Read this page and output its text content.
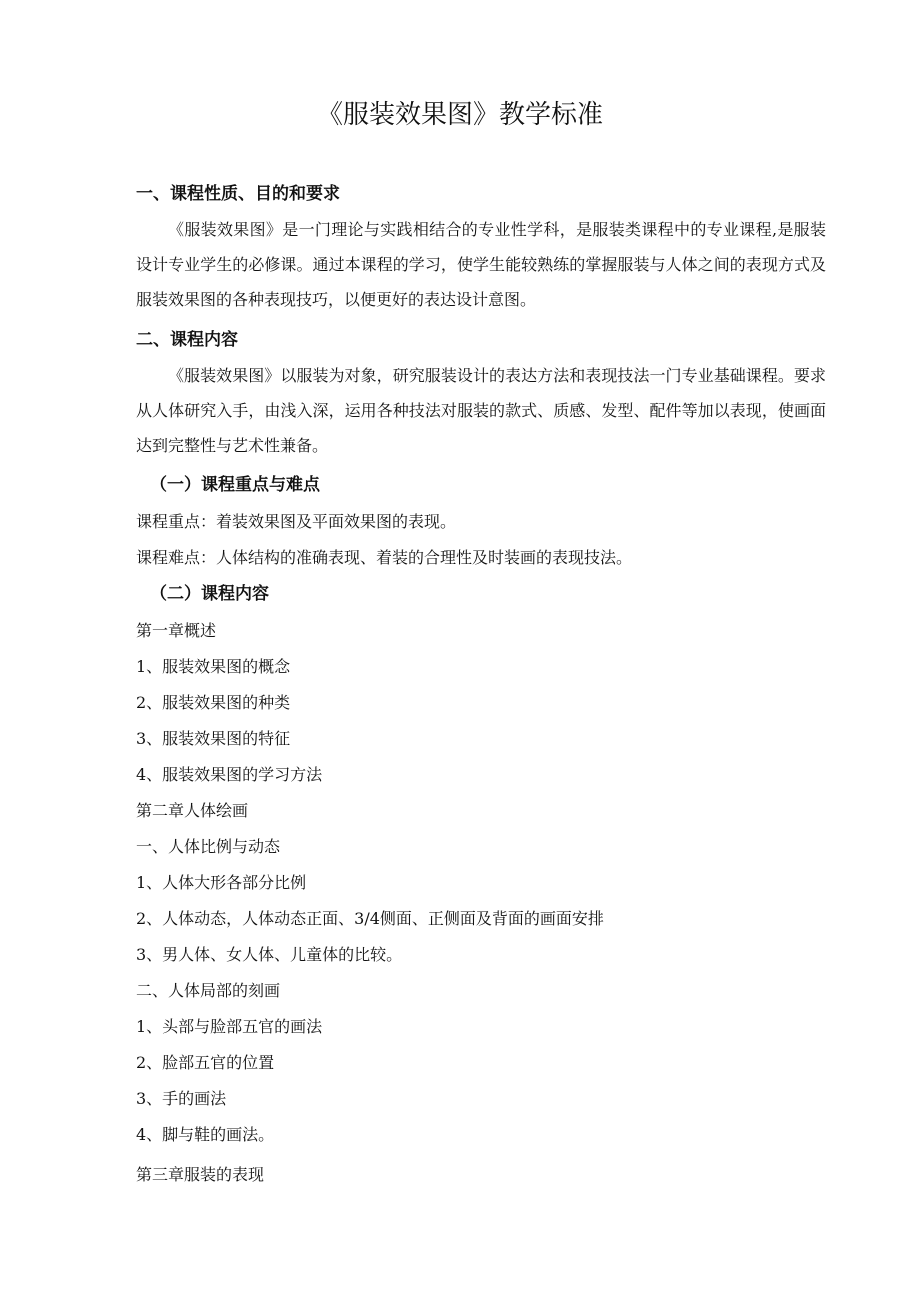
《服装效果图》教学标准
一、课程性质、目的和要求

《服装效果图》是一门理论与实践相结合的专业性学科，是服装类课程中的专业课程,是服装设计专业学生的必修课。通过本课程的学习，使学生能较熟练的掌握服装与人体之间的表现方式及服装效果图的各种表现技巧，以便更好的表达设计意图。

二、课程内容

《服装效果图》以服装为对象，研究服装设计的表达方法和表现技法一门专业基础课程。要求从人体研究入手，由浅入深，运用各种技法对服装的款式、质感、发型、配件等加以表现，使画面达到完整性与艺术性兼备。

（一）课程重点与难点
课程重点：着装效果图及平面效果图的表现。
课程难点：人体结构的准确表现、着装的合理性及时装画的表现技法。
（二）课程内容
第一章概述
1、服装效果图的概念
2、服装效果图的种类
3、服装效果图的特征
4、服装效果图的学习方法
第二章人体绘画
一、人体比例与动态
1、人体大形各部分比例
2、人体动态，人体动态正面、3/4侧面、正侧面及背面的画面安排
3、男人体、女人体、儿童体的比较。
二、人体局部的刻画
1、头部与脸部五官的画法
2、脸部五官的位置
3、手的画法
4、脚与鞋的画法。
第三章服装的表现
